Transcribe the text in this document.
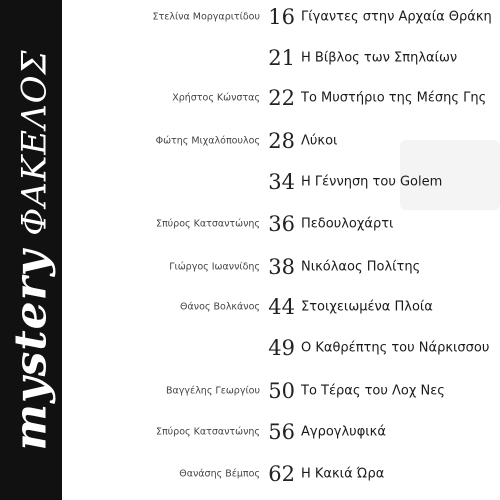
mystery
ΦΑΚΕΛΟΣ
Στελίνα Μοργαριτίδου 16 Γίγαντες στην Αρχαία Θράκη
21 Η Βίβλος των Σπηλαίων
Χρήστος Κώνστας 22 Το Μυστήριο της Μέσης Γης
Φώτης Μιχαλόπουλος 28 Λύκοι
34 Η Γέννηση του Golem
Σπύρος Κατσαντώνης 36 Πεδουλοχάρτι
Γιώργος Ιωαννίδης 38 Νικόλαος Πολίτης
Θάνος Βολκάνος 44 Στοιχειωμένα Πλοία
49 Ο Καθρέπτης του Νάρκισσου
Βαγγέλης Γεωργίου 50 Το Τέρας του Λοχ Νες
Σπύρος Κατσαντώνης 56 Αγρογλυφικά
Θανάσης Βέμπος 62 Η Κακιά Ώρα
